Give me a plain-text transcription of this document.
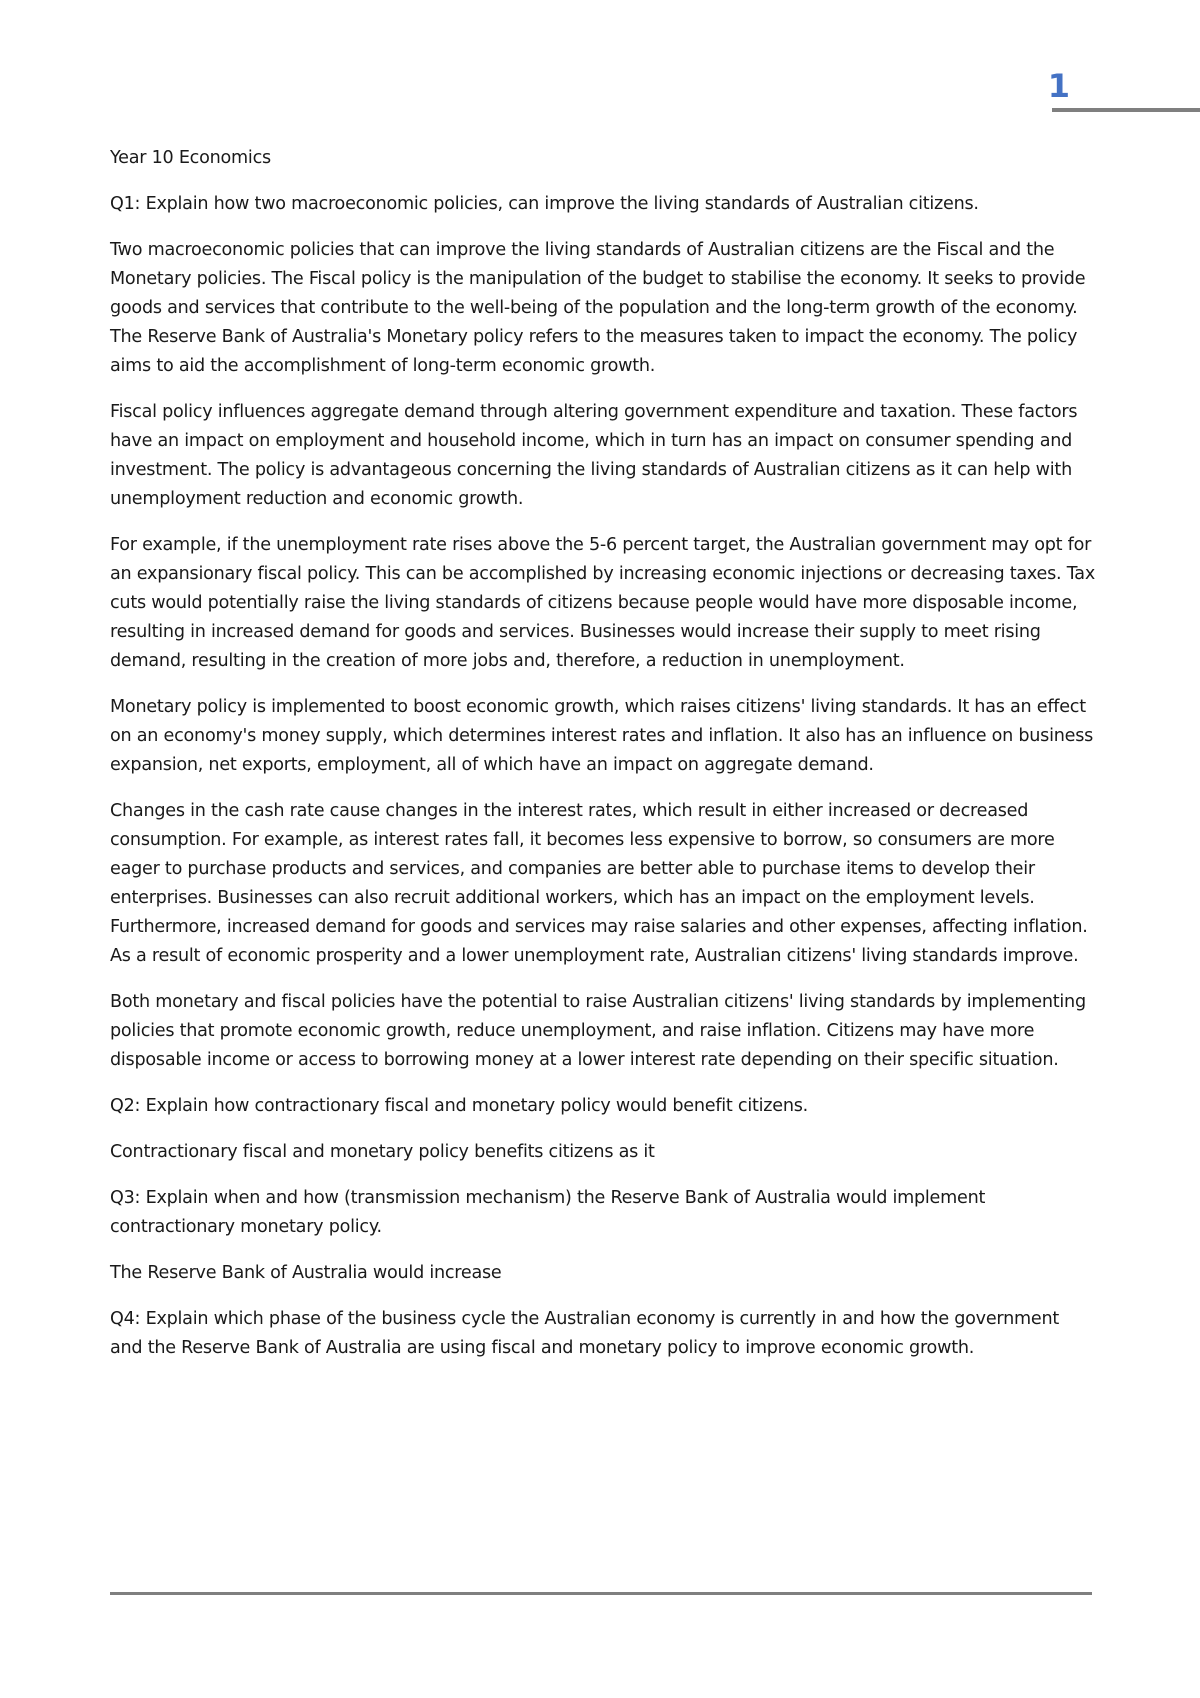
1

Year 10 Economics

Q1: Explain how two macroeconomic policies, can improve the living standards of Australian citizens.

Two macroeconomic policies that can improve the living standards of Australian citizens are the Fiscal and the Monetary policies. The Fiscal policy is the manipulation of the budget to stabilise the economy. It seeks to provide goods and services that contribute to the well-being of the population and the long-term growth of the economy. The Reserve Bank of Australia's Monetary policy refers to the measures taken to impact the economy. The policy aims to aid the accomplishment of long-term economic growth.

Fiscal policy influences aggregate demand through altering government expenditure and taxation. These factors have an impact on employment and household income, which in turn has an impact on consumer spending and investment. The policy is advantageous concerning the living standards of Australian citizens as it can help with unemployment reduction and economic growth.

For example, if the unemployment rate rises above the 5-6 percent target, the Australian government may opt for an expansionary fiscal policy. This can be accomplished by increasing economic injections or decreasing taxes. Tax cuts would potentially raise the living standards of citizens because people would have more disposable income, resulting in increased demand for goods and services. Businesses would increase their supply to meet rising demand, resulting in the creation of more jobs and, therefore, a reduction in unemployment.

Monetary policy is implemented to boost economic growth, which raises citizens' living standards. It has an effect on an economy's money supply, which determines interest rates and inflation. It also has an influence on business expansion, net exports, employment, all of which have an impact on aggregate demand.

Changes in the cash rate cause changes in the interest rates, which result in either increased or decreased consumption. For example, as interest rates fall, it becomes less expensive to borrow, so consumers are more eager to purchase products and services, and companies are better able to purchase items to develop their enterprises. Businesses can also recruit additional workers, which has an impact on the employment levels. Furthermore, increased demand for goods and services may raise salaries and other expenses, affecting inflation. As a result of economic prosperity and a lower unemployment rate, Australian citizens' living standards improve.

Both monetary and fiscal policies have the potential to raise Australian citizens' living standards by implementing policies that promote economic growth, reduce unemployment, and raise inflation. Citizens may have more disposable income or access to borrowing money at a lower interest rate depending on their specific situation.

Q2: Explain how contractionary fiscal and monetary policy would benefit citizens.

Contractionary fiscal and monetary policy benefits citizens as it

Q3: Explain when and how (transmission mechanism) the Reserve Bank of Australia would implement contractionary monetary policy.

The Reserve Bank of Australia would increase

Q4: Explain which phase of the business cycle the Australian economy is currently in and how the government and the Reserve Bank of Australia are using fiscal and monetary policy to improve economic growth.
